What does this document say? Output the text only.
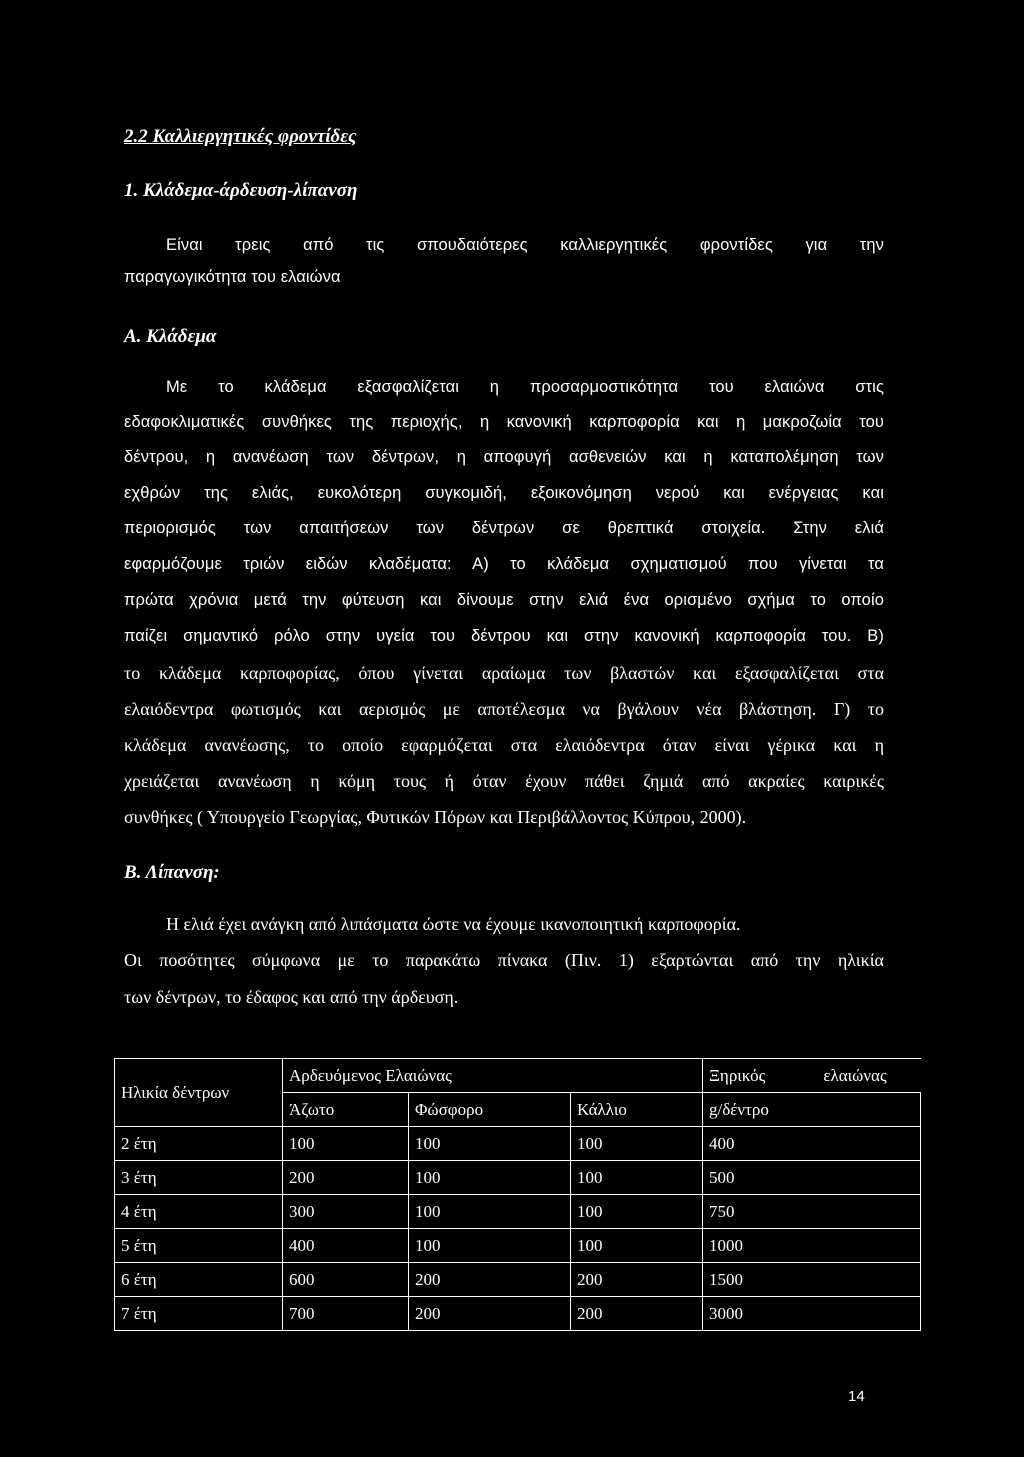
2.2 Καλλιεργητικές φροντίδες
1. Κλάδεμα-άρδευση-λίπανση
Είναι τρεις από τις σπουδαιότερες καλλιεργητικές φροντίδες για την
παραγωγικότητα του ελαιώνα
Α. Κλάδεμα
Με το κλάδεμα εξασφαλίζεται η προσαρμοστικότητα του ελαιώνα στις
εδαφοκλιματικές συνθήκες της περιοχής, η κανονική καρποφορία και η μακροζωία του
δέντρου, η ανανέωση των δέντρων, η αποφυγή ασθενειών και η καταπολέμηση των
εχθρών της ελιάς, ευκολότερη συγκομιδή, εξοικονόμηση νερού και ενέργειας και
περιορισμός των απαιτήσεων των δέντρων σε θρεπτικά στοιχεία. Στην ελιά
εφαρμόζουμε τριών ειδών κλαδέματα: Α) το κλάδεμα σχηματισμού που γίνεται τα
πρώτα χρόνια μετά την φύτευση και δίνουμε στην ελιά ένα ορισμένο σχήμα το οποίο
παίζει σημαντικό ρόλο στην υγεία του δέντρου και στην κανονική καρποφορία του. Β)
το κλάδεμα καρποφορίας, όπου γίνεται αραίωμα των βλαστών και εξασφαλίζεται στα
ελαιόδεντρα φωτισμός και αερισμός με αποτέλεσμα να βγάλουν νέα βλάστηση. Γ) το
κλάδεμα ανανέωσης, το οποίο εφαρμόζεται στα ελαιόδεντρα όταν είναι γέρικα και η
χρειάζεται ανανέωση η κόμη τους ή όταν έχουν πάθει ζημιά από ακραίες καιρικές
συνθήκες ( Υπουργείο Γεωργίας, Φυτικών Πόρων και Περιβάλλοντος Κύπρου, 2000).
Β. Λίπανση:
Η ελιά έχει ανάγκη από λιπάσματα ώστε να έχουμε ικανοποιητική καρποφορία.
Οι ποσότητες σύμφωνα με το παρακάτω πίνακα (Πιν. 1) εξαρτώνται από την ηλικία
των δέντρων, το έδαφος και από την άρδευση.
Ηλικία δέντρων	Αρδευόμενος Ελαιώνας			Ξηρικός ελαιώνας
	Άζωτο	Φώσφορο	Κάλλιο	g/δέντρο
2 έτη	100	100	100	400
3 έτη	200	100	100	500
4 έτη	300	100	100	750
5 έτη	400	100	100	1000
6 έτη	600	200	200	1500
7 έτη	700	200	200	3000
14
